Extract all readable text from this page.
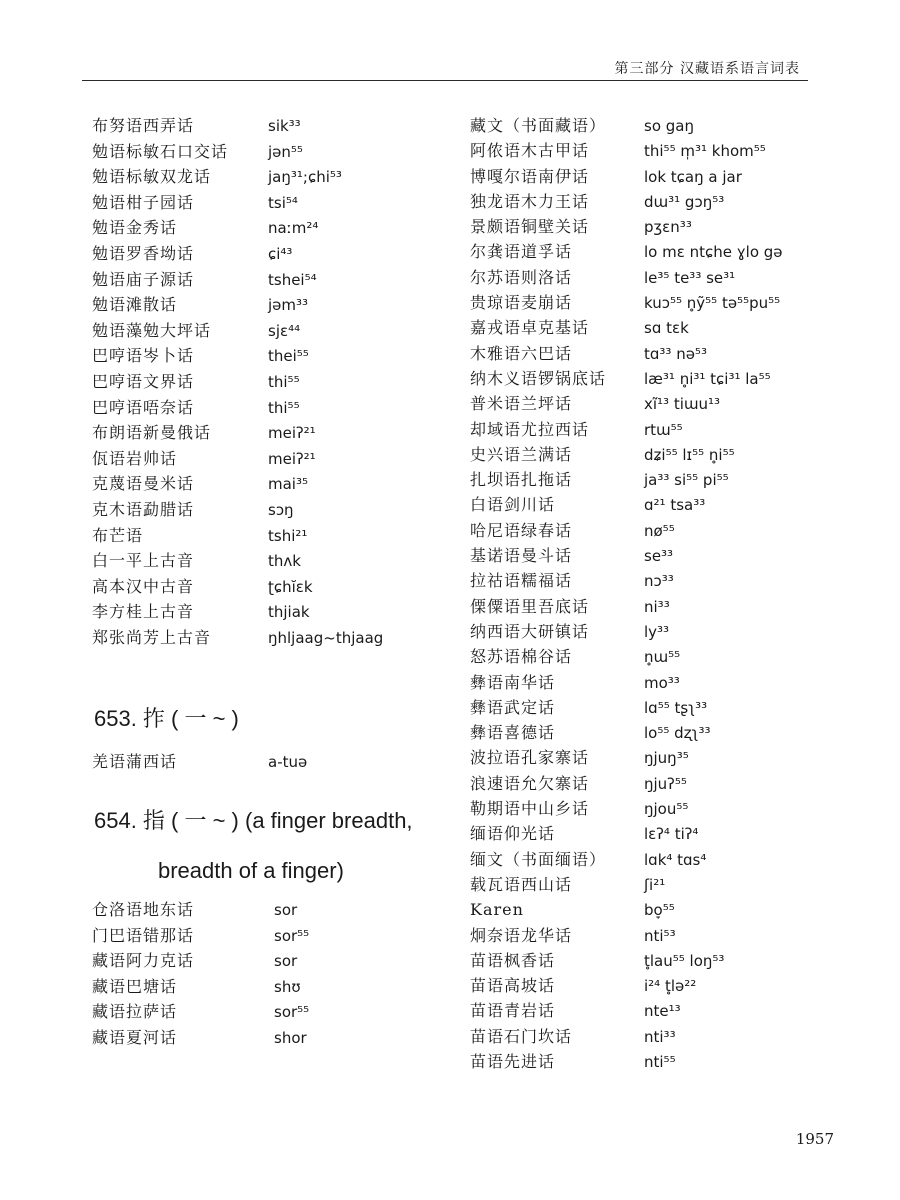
第三部分 汉藏语系语言词表
布努语西弄话	sik³³
勉语标敏石口交话	jən⁵⁵
勉语标敏双龙话	jaŋ³¹;ɕhi⁵³
勉语柑子园话	tsi⁵⁴
勉语金秀话	naːm²⁴
勉语罗香坳话	ɕi⁴³
勉语庙子源话	tshei⁵⁴
勉语滩散话	jəm³³
勉语藻勉大坪话	sjɛ⁴⁴
巴哼语岑卜话	thei⁵⁵
巴哼语文界话	thi⁵⁵
巴哼语唔奈话	thi⁵⁵
布朗语新曼俄话	meiʔ²¹
佤语岩帅话	meiʔ²¹
克蔑语曼米话	mai³⁵
克木语勐腊话	sɔŋ
布芒语	tshi²¹
白一平上古音	thʌk
高本汉中古音	ʈɕhĭɛk
李方桂上古音	thjiak
郑张尚芳上古音	ŋhljaag~thjaag
653. 拃 ( 一 ~ )
羌语蒲西话	a-tuə
654. 指 ( 一 ~ ) (a finger breadth,
breadth of a finger)
仓洛语地东话	sor
门巴语错那话	sor⁵⁵
藏语阿力克话	sor
藏语巴塘话	shʊ
藏语拉萨话	sor⁵⁵
藏语夏河话	shor
藏文（书面藏语）	so gaŋ
阿侬语木古甲话	thi⁵⁵ m̩³¹ khom⁵⁵
博嘎尔语南伊话	lok tɕaŋ a jar
独龙语木力王话	dɯ³¹ gɔŋ⁵³
景颇语铜壁关话	pʒɛn³³
尔龚语道孚话	lo mɛ ntɕhe ɣlo gə
尔苏语则洛话	le³⁵ te³³ se³¹
贵琼语麦崩话	kuɔ⁵⁵ n̥ỹ⁵⁵ tə⁵⁵pu⁵⁵
嘉戎语卓克基话	sɑ tɛk
木雅语六巴话	tɑ³³ nə⁵³
纳木义语锣锅底话	læ³¹ n̥i³¹ tɕi³¹ la⁵⁵
普米语兰坪话	xĩ¹³ tiɯu¹³
却域语尤拉西话	rtɯ⁵⁵
史兴语兰满话	dʑi⁵⁵ lɪ⁵⁵ n̥i⁵⁵
扎坝语扎拖话	ja³³ si⁵⁵ pi⁵⁵
白语剑川话	ɑ²¹ tsa³³
哈尼语绿春话	nø⁵⁵
基诺语曼斗话	se³³
拉祜语糯福话	nɔ³³
傈僳语里吾底话	ni³³
纳西语大研镇话	ly³³
怒苏语棉谷话	n̥ɯ⁵⁵
彝语南华话	mo³³
彝语武定话	lɑ⁵⁵ tʂʅ³³
彝语喜德话	lo⁵⁵ dʐʅ³³
波拉语孔家寨话	ŋjuŋ³⁵
浪速语允欠寨话	ŋjuʔ⁵⁵
勒期语中山乡话	ŋjou⁵⁵
缅语仰光话	lɛʔ⁴ tiʔ⁴
缅文（书面缅语）	lɑk⁴ tɑs⁴
载瓦语西山话	ʃi²¹
Karen	bo̞⁵⁵
炯奈语龙华话	nti⁵³
苗语枫香话	t̥lau⁵⁵ loŋ⁵³
苗语高坡话	i²⁴ t̥lə²²
苗语青岩话	nte¹³
苗语石门坎话	nti³³
苗语先进话	nti⁵⁵
1957
